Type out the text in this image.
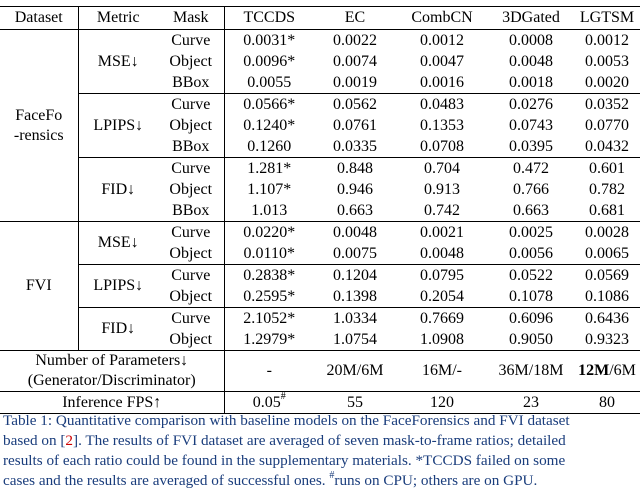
Dataset	Metric	Mask	TCCDS	EC	CombCN	3DGated	LGTSM

FaceFo
-rensics	MSE↓	Curve	0.0031*	0.0022	0.0012	0.0008	0.0012
		Object	0.0096*	0.0074	0.0047	0.0048	0.0053
		BBox	0.0055	0.0019	0.0016	0.0018	0.0020
	LPIPS↓	Curve	0.0566*	0.0562	0.0483	0.0276	0.0352
		Object	0.1240*	0.0761	0.1353	0.0743	0.0770
		BBox	0.1260	0.0335	0.0708	0.0395	0.0432
	FID↓	Curve	1.281*	0.848	0.704	0.472	0.601
		Object	1.107*	0.946	0.913	0.766	0.782
		BBox	1.013	0.663	0.742	0.663	0.681

FVI	MSE↓	Curve	0.0220*	0.0048	0.0021	0.0025	0.0028
		Object	0.0110*	0.0075	0.0048	0.0056	0.0065
	LPIPS↓	Curve	0.2838*	0.1204	0.0795	0.0522	0.0569
		Object	0.2595*	0.1398	0.2054	0.1078	0.1086
	FID↓	Curve	2.1052*	1.0334	0.7669	0.6096	0.6436
		Object	1.2979*	1.0754	1.0908	0.9050	0.9323

Number of Parameters↓
(Generator/Discriminator)			-	20M/6M	16M/-	36M/18M	12M/6M
Inference FPS↑			0.05#	55	120	23	80

Table 1: Quantitative comparison with baseline models on the FaceForensics and FVI dataset

based on [2]. The results of FVI dataset are averaged of seven mask-to-frame ratios; detailed

results of each ratio could be found in the supplementary materials. *TCCDS failed on some

cases and the results are averaged of successful ones. #runs on CPU; others are on GPU.
